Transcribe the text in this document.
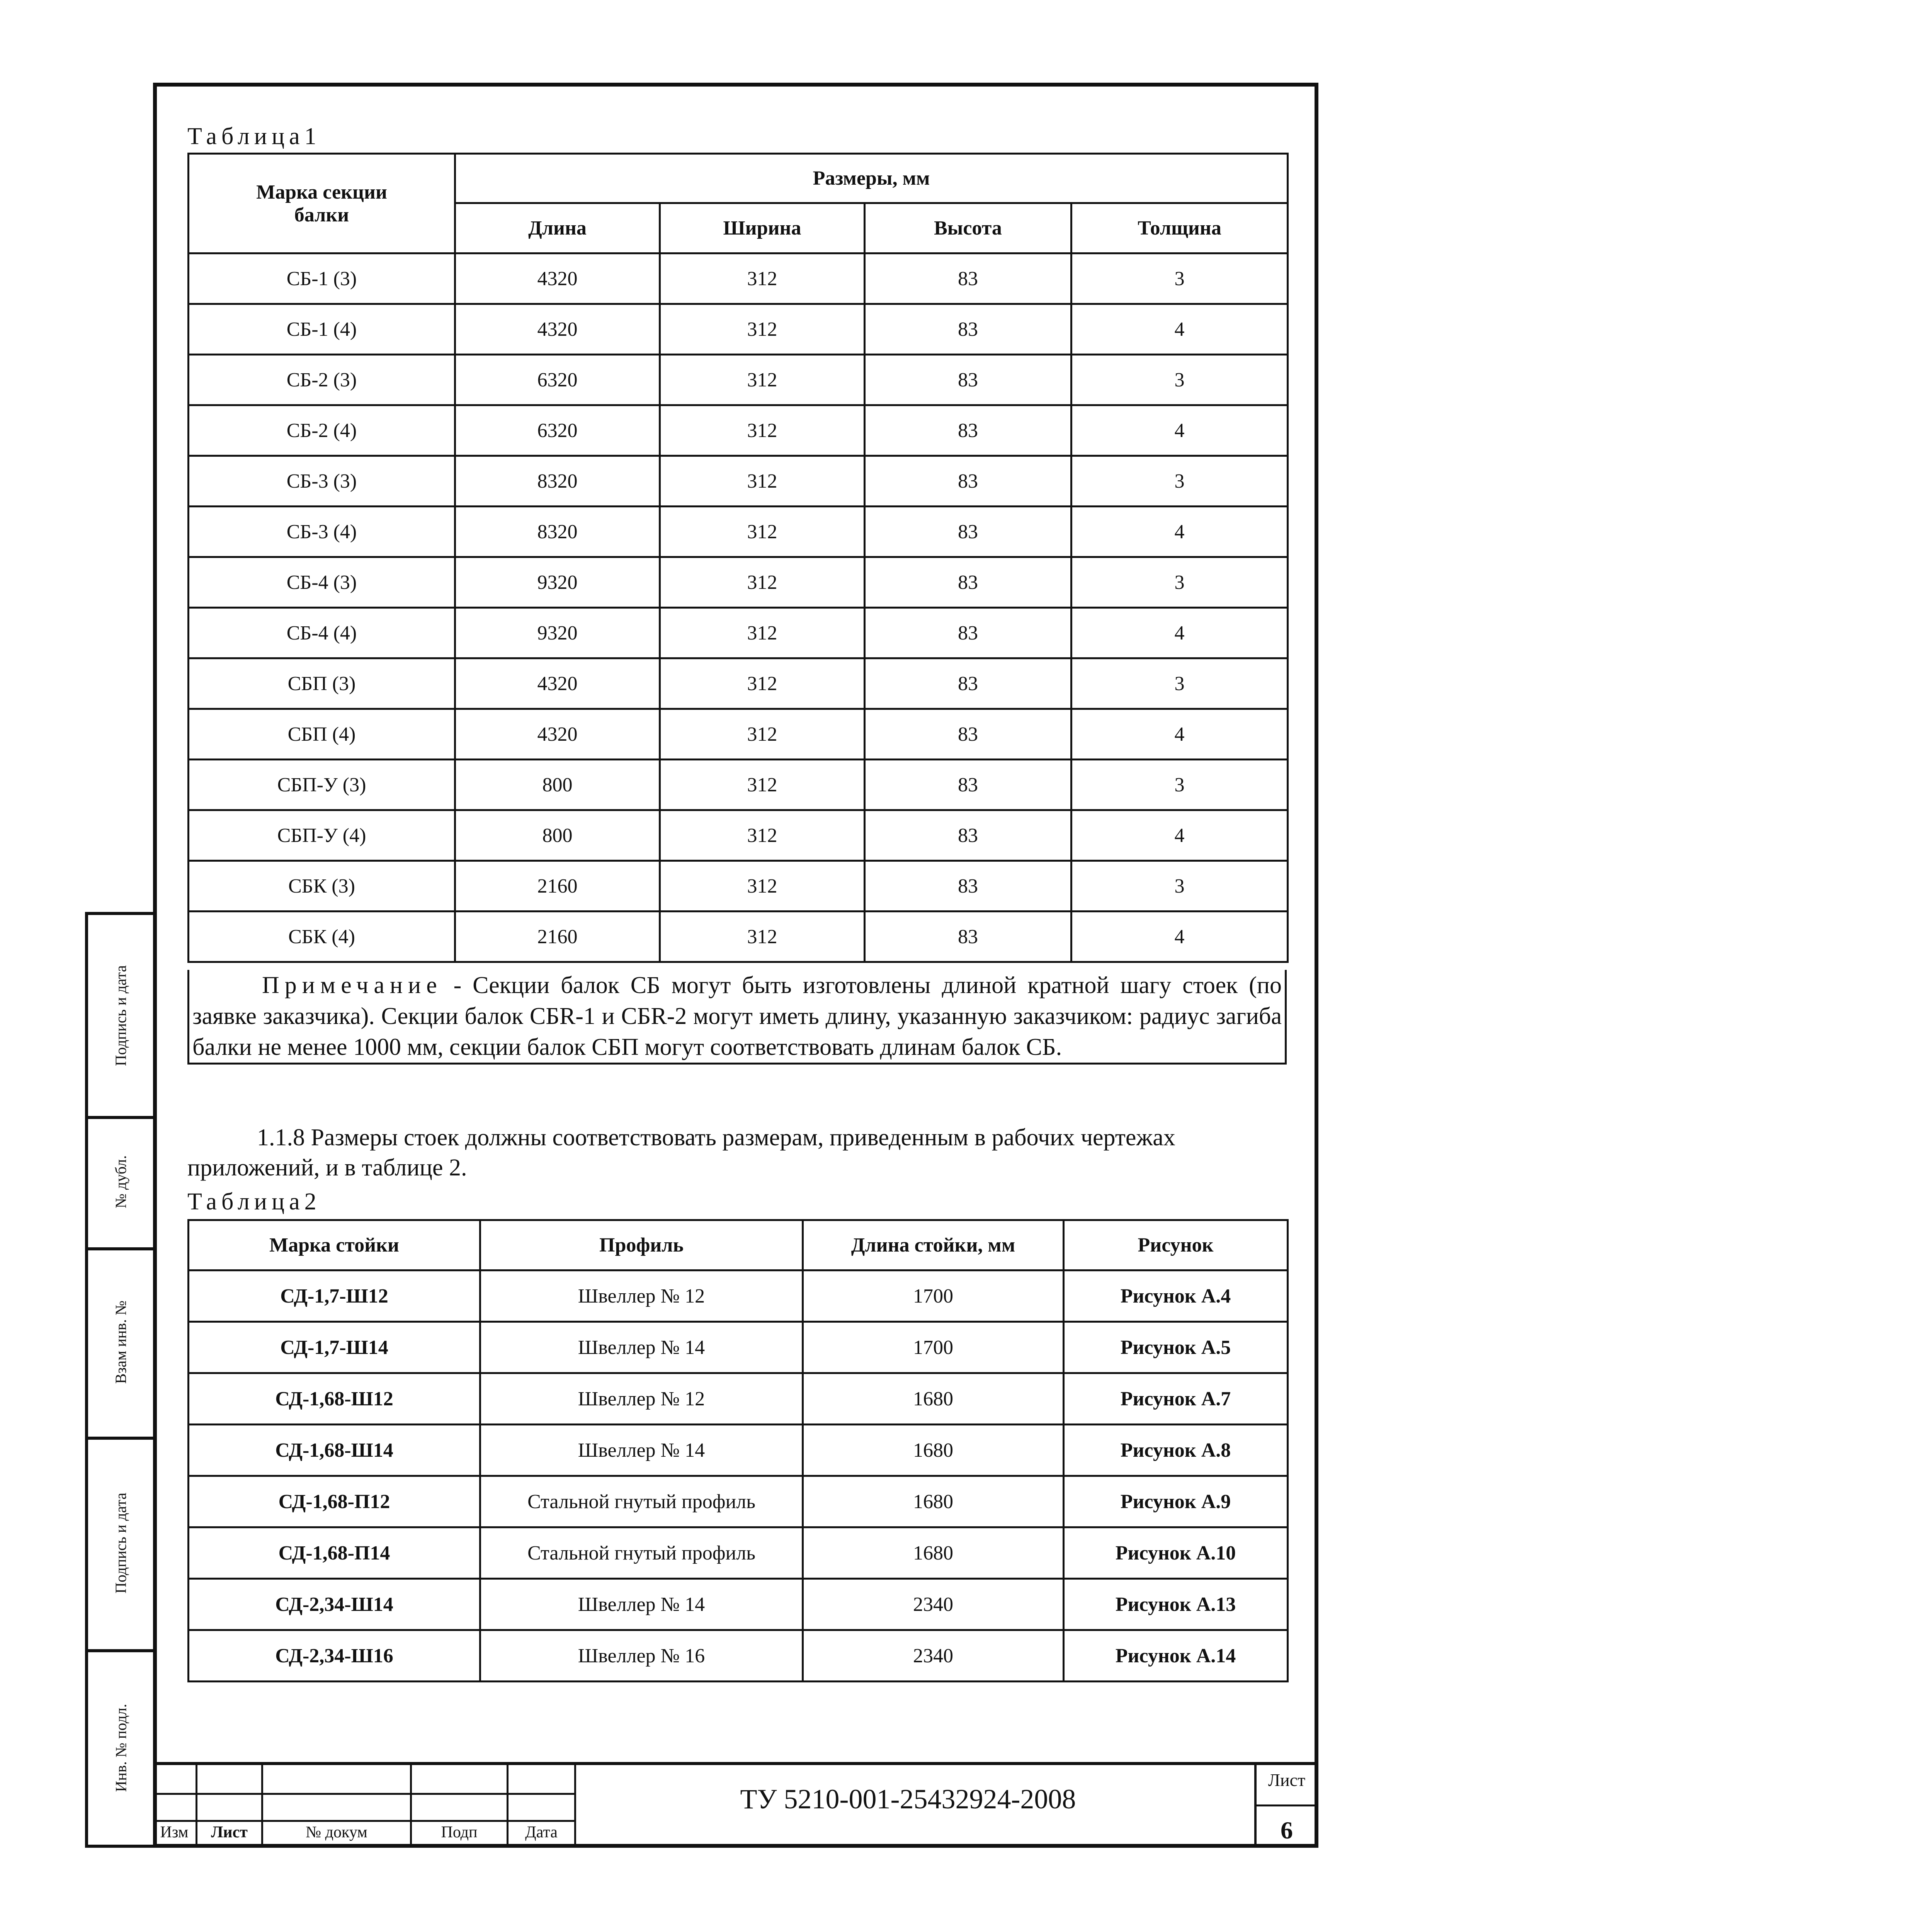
Подпись и дата
№ дубл.
Взам инв. №
Подпись и дата
Инв. № подл.
Таблица1
Марка секции балки	Размеры, мм			
	Длина	Ширина	Высота	Толщина
СБ-1 (3)	4320	312	83	3
СБ-1 (4)	4320	312	83	4
СБ-2 (3)	6320	312	83	3
СБ-2 (4)	6320	312	83	4
СБ-3 (3)	8320	312	83	3
СБ-3 (4)	8320	312	83	4
СБ-4 (3)	9320	312	83	3
СБ-4 (4)	9320	312	83	4
СБП (3)	4320	312	83	3
СБП (4)	4320	312	83	4
СБП-У (3)	800	312	83	3
СБП-У (4)	800	312	83	4
СБК (3)	2160	312	83	3
СБК (4)	2160	312	83	4
Примечание - Секции балок СБ могут быть изготовлены длиной кратной шагу стоек (по заявке заказчика). Секции балок СБR-1 и СБR-2 могут иметь длину, указанную заказчиком: радиус загиба балки не менее 1000 мм, секции балок СБП могут соответствовать длинам балок СБ.
1.1.8 Размеры стоек должны соответствовать размерам, приведенным в рабочих чертежах приложений, и в таблице 2.
Таблица2
Марка стойки	Профиль	Длина стойки, мм	Рисунок
СД-1,7-Ш12	Швеллер № 12	1700	Рисунок А.4
СД-1,7-Ш14	Швеллер № 14	1700	Рисунок А.5
СД-1,68-Ш12	Швеллер № 12	1680	Рисунок А.7
СД-1,68-Ш14	Швеллер № 14	1680	Рисунок А.8
СД-1,68-П12	Стальной гнутый профиль	1680	Рисунок А.9
СД-1,68-П14	Стальной гнутый профиль	1680	Рисунок А.10
СД-2,34-Ш14	Швеллер № 14	2340	Рисунок А.13
СД-2,34-Ш16	Швеллер № 16	2340	Рисунок А.14
Изм	Лист	№ докум	Подп	Дата
ТУ 5210-001-25432924-2008
Лист
6
